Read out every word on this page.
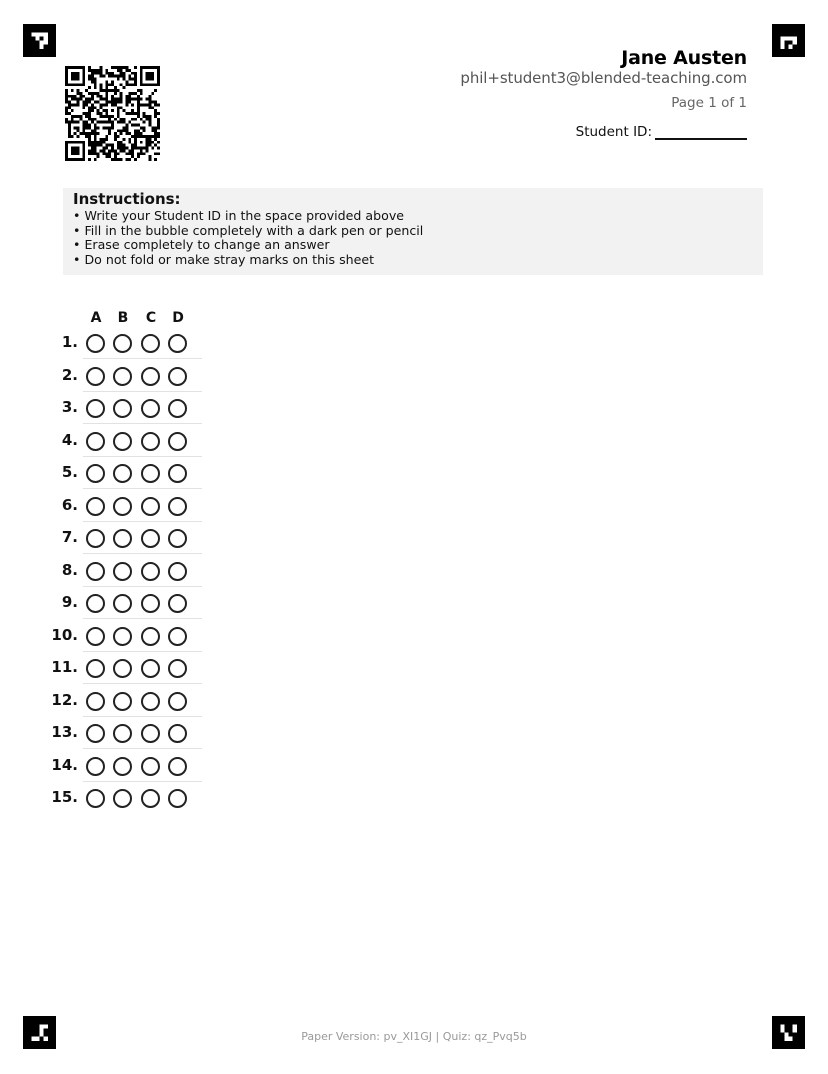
Jane Austen
phil+student3@blended-teaching.com
Page 1 of 1
Student ID:
Instructions:
• Write your Student ID in the space provided above
• Fill in the bubble completely with a dark pen or pencil
• Erase completely to change an answer
• Do not fold or make stray marks on this sheet
A	B	C	D
1.
2.
3.
4.
5.
6.
7.
8.
9.
10.
11.
12.
13.
14.
15.
Paper Version: pv_XI1GJ | Quiz: qz_Pvq5b
